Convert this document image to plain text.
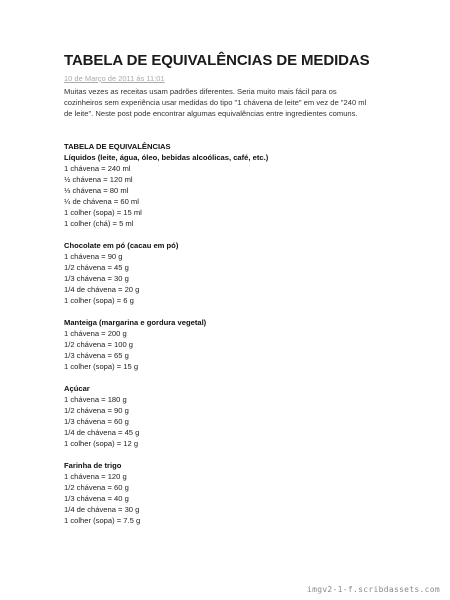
TABELA DE EQUIVALÊNCIAS DE MEDIDAS
10 de Março de 2011 às 11:01

Muitas vezes as receitas usam padrões diferentes. Seria muito mais fácil para os
cozinheiros sem experiência usar medidas do tipo "1 chávena de leite" em vez de "240 ml
de leite". Neste post pode encontrar algumas equivalências entre ingredientes comuns.

TABELA DE EQUIVALÊNCIAS
Líquidos (leite, água, óleo, bebidas alcoólicas, café, etc.)
1 chávena = 240 ml
½ chávena = 120 ml
⅓ chávena = 80 ml
¼ de chávena = 60 ml
1 colher (sopa) = 15 ml
1 colher (chá) = 5 ml
Chocolate em pó (cacau em pó)
1 chávena = 90 g
1/2 chávena = 45 g
1/3 chávena = 30 g
1/4 de chávena = 20 g
1 colher (sopa) = 6 g
Manteiga (margarina e gordura vegetal)
1 chávena = 200 g
1/2 chávena = 100 g
1/3 chávena = 65 g
1 colher (sopa) = 15 g
Açúcar
1 chávena = 180 g
1/2 chávena = 90 g
1/3 chávena = 60 g
1/4 de chávena = 45 g
1 colher (sopa) = 12 g
Farinha de trigo
1 chávena = 120 g
1/2 chávena = 60 g
1/3 chávena = 40 g
1/4 de chávena = 30 g
1 colher (sopa) = 7.5 g
imgv2-1-f.scribdassets.com
